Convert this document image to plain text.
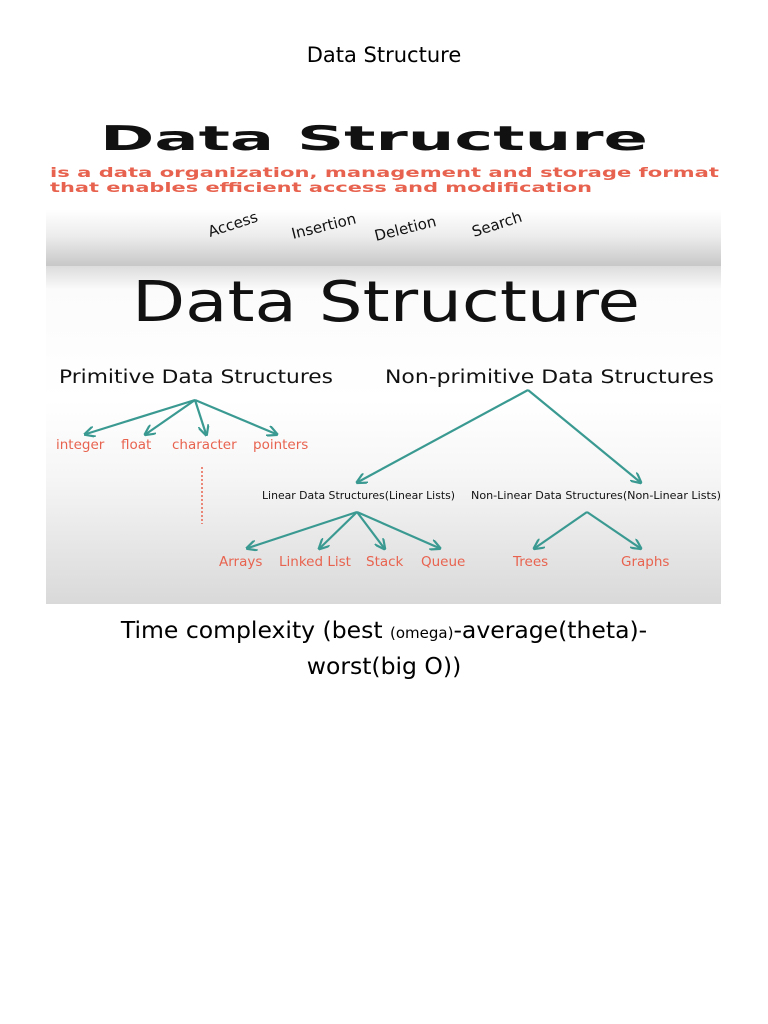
Data Structure
Data Structure
is a data organization, management and storage format
that enables efficient access and modification
Access Insertion Deletion Search
Data Structure
Primitive Data Structures
integer float character pointers
Non-primitive Data Structures
Linear Data Structures(Linear Lists) Non-Linear Data Structures(Non-Linear Lists)
Arrays Linked List Stack Queue	Trees	Graphs
Time complexity (best (omega)-average(theta)-worst(big O))
